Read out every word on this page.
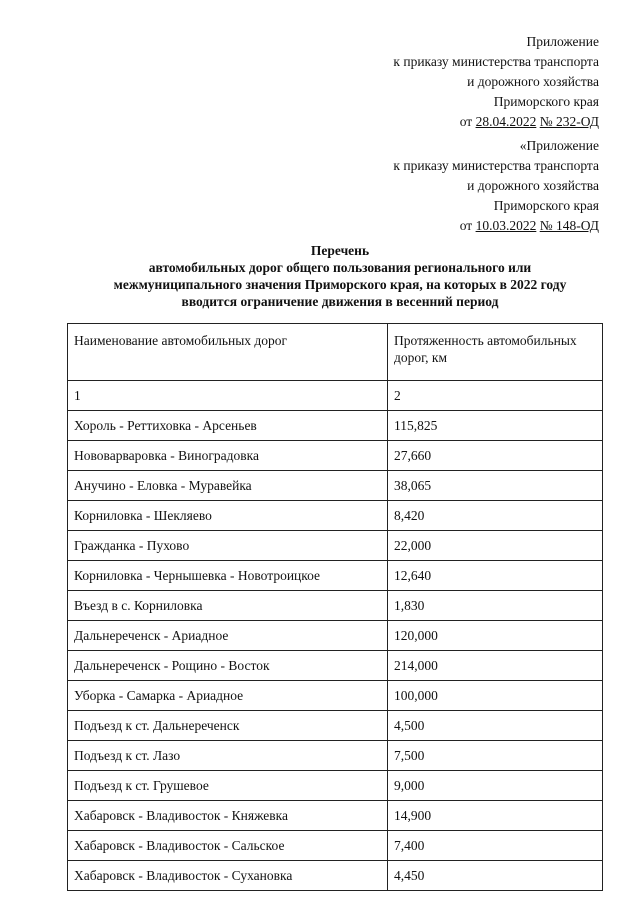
Приложение
к приказу министерства транспорта
и дорожного хозяйства
Приморского края
от 28.04.2022 № 232-ОД
«Приложение
к приказу министерства транспорта
и дорожного хозяйства
Приморского края
от 10.03.2022 № 148-ОД
Перечень
автомобильных дорог общего пользования регионального или
межмуниципального значения Приморского края, на которых в 2022 году
вводится ограничение движения в весенний период
Наименование автомобильных дорог	Протяженность автомобильных дорог, км
1	2
Хороль - Реттиховка - Арсеньев	115,825
Нововарваровка - Виноградовка	27,660
Анучино - Еловка - Муравейка	38,065
Корниловка - Шекляево	8,420
Гражданка - Пухово	22,000
Корниловка - Чернышевка - Новотроицкое	12,640
Въезд в с. Корниловка	1,830
Дальнереченск - Ариадное	120,000
Дальнереченск - Рощино - Восток	214,000
Уборка - Самарка - Ариадное	100,000
Подъезд к ст. Дальнереченск	4,500
Подъезд к ст. Лазо	7,500
Подъезд к ст. Грушевое	9,000
Хабаровск - Владивосток - Княжевка	14,900
Хабаровск - Владивосток - Сальское	7,400
Хабаровск - Владивосток - Сухановка	4,450
